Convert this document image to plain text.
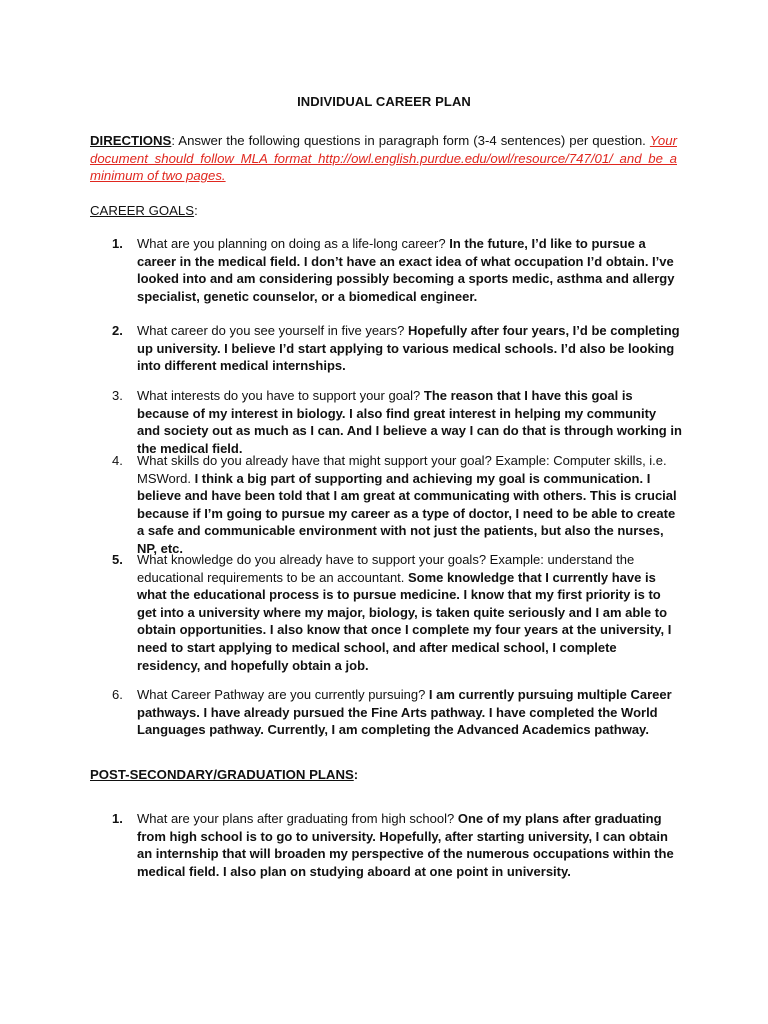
INDIVIDUAL CAREER PLAN
DIRECTIONS: Answer the following questions in paragraph form (3-4 sentences) per question. Your document should follow MLA format http://owl.english.purdue.edu/owl/resource/747/01/ and be a minimum of two pages.
CAREER GOALS:
1.	What are you planning on doing as a life-long career? In the future, I’d like to pursue a career in the medical field. I don’t have an exact idea of what occupation I’d obtain. I’ve looked into and am considering possibly becoming a sports medic, asthma and allergy specialist, genetic counselor, or a biomedical engineer.
2.	What career do you see yourself in five years? Hopefully after four years, I’d be completing up university. I believe I’d start applying to various medical schools. I’d also be looking into different medical internships.
3.	What interests do you have to support your goal? The reason that I have this goal is because of my interest in biology. I also find great interest in helping my community and society out as much as I can. And I believe a way I can do that is through working in the medical field.
4.	What skills do you already have that might support your goal? Example: Computer skills, i.e. MSWord. I think a big part of supporting and achieving my goal is communication. I believe and have been told that I am great at communicating with others. This is crucial because if I’m going to pursue my career as a type of doctor, I need to be able to create a safe and communicable environment with not just the patients, but also the nurses, NP, etc.
5.	What knowledge do you already have to support your goals? Example: understand the educational requirements to be an accountant. Some knowledge that I currently have is what the educational process is to pursue medicine. I know that my first priority is to get into a university where my major, biology, is taken quite seriously and I am able to obtain opportunities. I also know that once I complete my four years at the university, I need to start applying to medical school, and after medical school, I complete residency, and hopefully obtain a job.
6.	What Career Pathway are you currently pursuing? I am currently pursuing multiple Career pathways. I have already pursued the Fine Arts pathway. I have completed the World Languages pathway. Currently, I am completing the Advanced Academics pathway.
POST-SECONDARY/GRADUATION PLANS:
1.	What are your plans after graduating from high school? One of my plans after graduating from high school is to go to university. Hopefully, after starting university, I can obtain an internship that will broaden my perspective of the numerous occupations within the medical field. I also plan on studying aboard at one point in university.
